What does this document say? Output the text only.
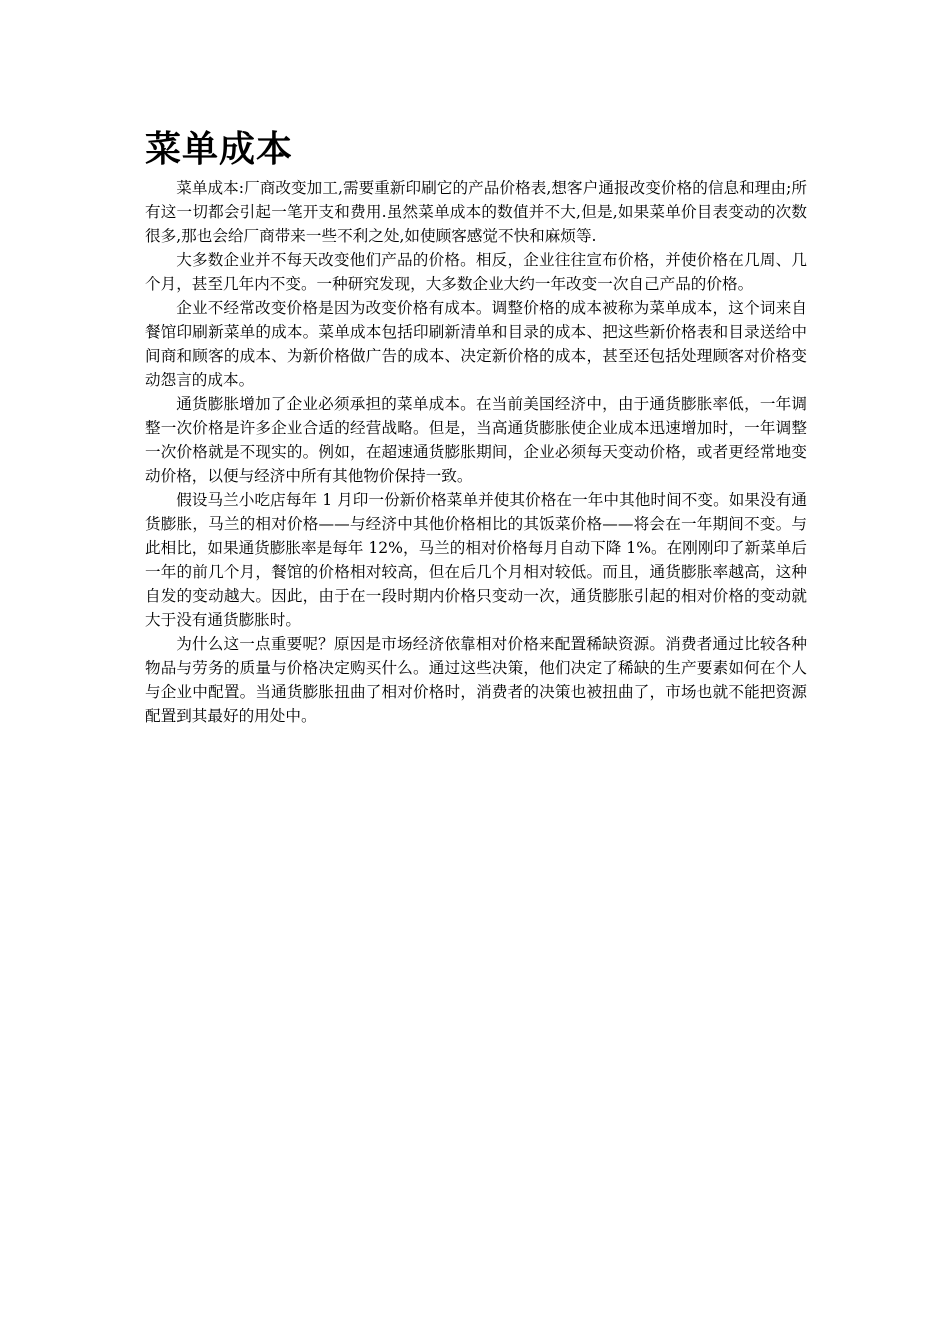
菜单成本

菜单成本:厂商改变加工,需要重新印刷它的产品价格表,想客户通报改变价格的信息和理由;所有这一切都会引起一笔开支和费用.虽然菜单成本的数值并不大,但是,如果菜单价目表变动的次数很多,那也会给厂商带来一些不利之处,如使顾客感觉不快和麻烦等.

大多数企业并不每天改变他们产品的价格。相反，企业往往宣布价格，并使价格在几周、几个月，甚至几年内不变。一种研究发现，大多数企业大约一年改变一次自己产品的价格。

企业不经常改变价格是因为改变价格有成本。调整价格的成本被称为菜单成本，这个词来自餐馆印刷新菜单的成本。菜单成本包括印刷新清单和目录的成本、把这些新价格表和目录送给中间商和顾客的成本、为新价格做广告的成本、决定新价格的成本，甚至还包括处理顾客对价格变动怨言的成本。

通货膨胀增加了企业必须承担的菜单成本。在当前美国经济中，由于通货膨胀率低，一年调整一次价格是许多企业合适的经营战略。但是，当高通货膨胀使企业成本迅速增加时，一年调整一次价格就是不现实的。例如，在超速通货膨胀期间，企业必须每天变动价格，或者更经常地变动价格，以便与经济中所有其他物价保持一致。

假设马兰小吃店每年 1 月印一份新价格菜单并使其价格在一年中其他时间不变。如果没有通货膨胀，马兰的相对价格——与经济中其他价格相比的其饭菜价格——将会在一年期间不变。与此相比，如果通货膨胀率是每年 12%，马兰的相对价格每月自动下降 1%。在刚刚印了新菜单后一年的前几个月，餐馆的价格相对较高，但在后几个月相对较低。而且，通货膨胀率越高，这种自发的变动越大。因此，由于在一段时期内价格只变动一次，通货膨胀引起的相对价格的变动就大于没有通货膨胀时。

为什么这一点重要呢？原因是市场经济依靠相对价格来配置稀缺资源。消费者通过比较各种物品与劳务的质量与价格决定购买什么。通过这些决策，他们决定了稀缺的生产要素如何在个人与企业中配置。当通货膨胀扭曲了相对价格时，消费者的决策也被扭曲了，市场也就不能把资源配置到其最好的用处中。
